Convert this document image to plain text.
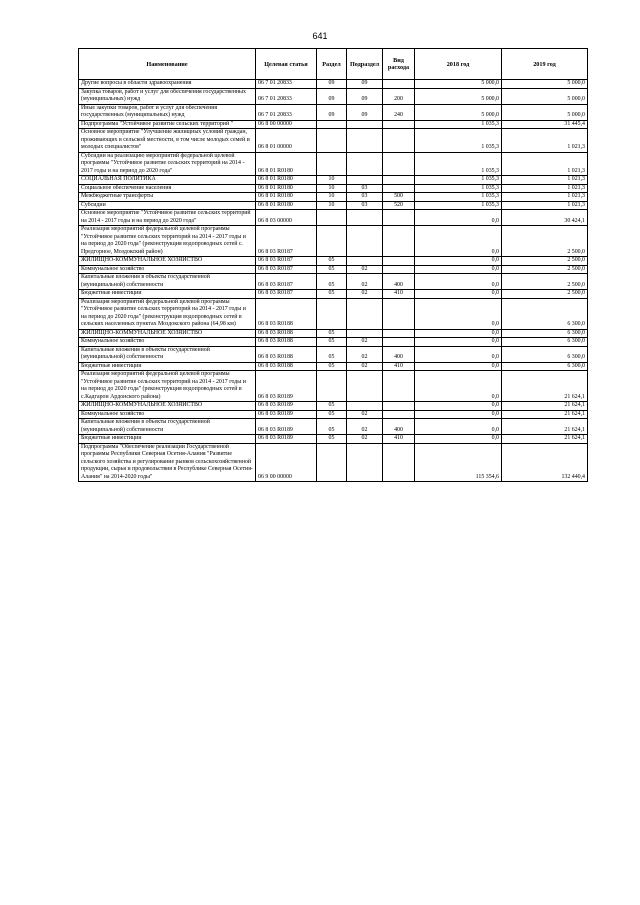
641
Наименование	Целевая статья	Раздел	Подраздел	Вид расхода	2018 год	2019 год
Другие вопросы в области здравоохранения	06 7 01 20833	09	09		5 000,0	5 000,0
Закупка товаров, работ и услуг для обеспечения государственных (муниципальных) нужд	06 7 01 20833	09	09	200	5 000,0	5 000,0
Иные закупки товаров, работ и услуг для обеспечения государственных (муниципальных) нужд	06 7 01 20833	09	09	240	5 000,0	5 000,0
Подпрограмма "Устойчивое развитие сельских территорий "	06 8 00 00000				1 035,3	31 445,4
Основное мероприятие "Улучшение жилищных условий граждан, проживающих в сельской местности, в том числе молодых семей и молодых специалистов"	06 8 01 00000				1 035,3	1 021,3
Субсидии на реализацию мероприятий федеральной целевой программы "Устойчивое развитие сельских территорий на 2014 - 2017 годы и на период до 2020 года"	06 8 01 R0180				1 035,3	1 021,3
СОЦИАЛЬНАЯ ПОЛИТИКА	06 8 01 R0180	10			1 035,3	1 021,3
Социальное обеспечение населения	06 8 01 R0180	10	03		1 035,3	1 021,3
Межбюджетные трансферты	06 8 01 R0180	10	03	500	1 035,3	1 021,3
Субсидии	06 8 01 R0180	10	03	520	1 035,3	1 021,3
Основное мероприятие "Устойчивое развитие сельских территорий на 2014 - 2017 годы и на период до 2020 года"	06 8 03 00000				0,0	30 424,1
Реализация мероприятий федеральной целевой программы "Устойчивое развитие сельских территорий на 2014 - 2017 годы и на период до 2020 года" (реконструкция водопроводных сетей с. Предгорное, Моздокский район)	06 8 03 R0187				0,0	2 500,0
ЖИЛИЩНО-КОММУНАЛЬНОЕ ХОЗЯЙСТВО	06 8 03 R0187	05			0,0	2 500,0
Коммунальное хозяйство	06 8 03 R0187	05	02		0,0	2 500,0
Капитальные вложения в объекты государственной (муниципальной) собственности	06 8 03 R0187	05	02	400	0,0	2 500,0
Бюджетные инвестиции	06 8 03 R0187	05	02	410	0,0	2 500,0
Реализация мероприятий федеральной целевой программы "Устойчивое развитие сельских территорий на 2014 - 2017 годы и на период до 2020 года" (реконструкция водопроводных сетей в сельских населенных пунктах Моздокского района (64,98 км)	06 8 03 R0188				0,0	6 300,0
ЖИЛИЩНО-КОММУНАЛЬНОЕ ХОЗЯЙСТВО	06 8 03 R0188	05			0,0	6 300,0
Коммунальное хозяйство	06 8 03 R0188	05	02		0,0	6 300,0
Капитальные вложения в объекты государственной (муниципальной) собственности	06 8 03 R0188	05	02	400	0,0	6 300,0
Бюджетные инвестиции	06 8 03 R0188	05	02	410	0,0	6 300,0
Реализация мероприятий федеральной целевой программы "Устойчивое развитие сельских территорий на 2014 - 2017 годы и на период до 2020 года" (реконструкция водопроводных сетей в с.Кадгарон Ардонского района)	06 8 03 R0189				0,0	21 624,1
ЖИЛИЩНО-КОММУНАЛЬНОЕ ХОЗЯЙСТВО	06 8 03 R0189	05			0,0	21 624,1
Коммунальное хозяйство	06 8 03 R0189	05	02		0,0	21 624,1
Капитальные вложения в объекты государственной (муниципальной) собственности	06 8 03 R0189	05	02	400	0,0	21 624,1
Бюджетные инвестиции	06 8 03 R0189	05	02	410	0,0	21 624,1
Подпрограмма "Обеспечение реализации Государственной программы Республики Северная Осетия-Алания "Развитие сельского хозяйства и регулирование рынков сельскохозяйственной продукции, сырья и продовольствия в Республике Северная Осетия-Алания" на 2014-2020 годы"	06 9 00 00000				115 354,6	132 440,4
